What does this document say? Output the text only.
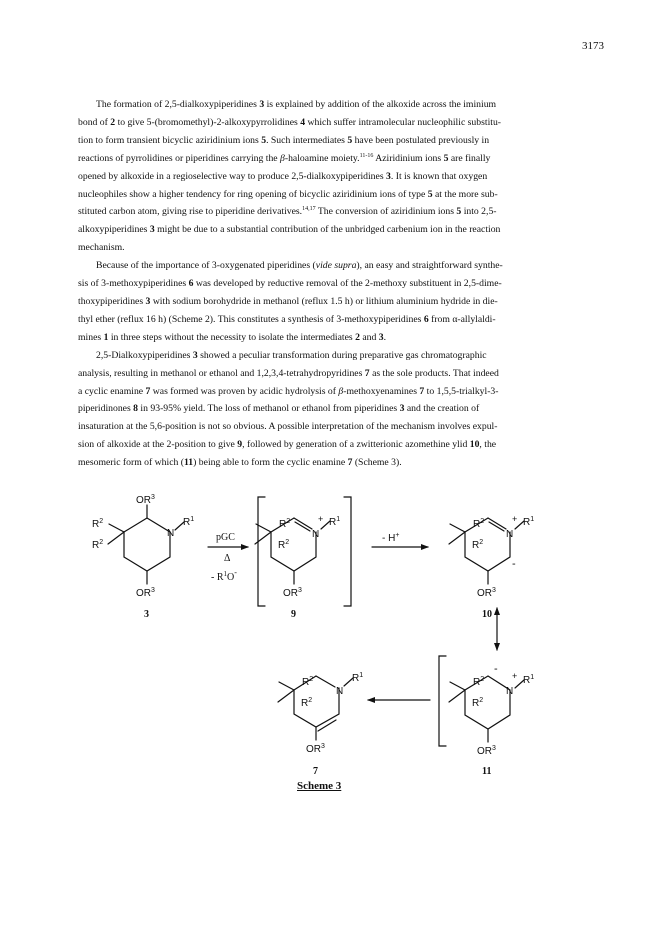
3173
The formation of 2,5-dialkoxypiperidines 3 is explained by addition of the alkoxide across the iminium
bond of 2 to give 5-(bromomethyl)-2-alkoxypyrrolidines 4 which suffer intramolecular nucleophilic substitu-
tion to form transient bicyclic aziridinium ions 5. Such intermediates 5 have been postulated previously in
reactions of pyrrolidines or piperidines carrying the β-haloamine moiety.$^{11-16}$ Aziridinium ions 5 are finally
opened by alkoxide in a regioselective way to produce 2,5-dialkoxypiperidines 3. It is known that oxygen
nucleophiles show a higher tendency for ring opening of bicyclic aziridinium ions of type 5 at the more sub-
stituted carbon atom, giving rise to piperidine derivatives.$^{14,17}$ The conversion of aziridinium ions 5 into 2,5-
alkoxypiperidines 3 might be due to a substantial contribution of the unbridged carbenium ion in the reaction
mechanism.
Because of the importance of 3-oxygenated piperidines (vide supra), an easy and straightforward synthe-
sis of 3-methoxypiperidines 6 was developed by reductive removal of the 2-methoxy substituent in 2,5-dime-
thoxypiperidines 3 with sodium borohydride in methanol (reflux 1.5 h) or lithium aluminium hydride in die-
thyl ether (reflux 16 h) (Scheme 2). This constitutes a synthesis of 3-methoxypiperidines 6 from α-allylaldi-
mines 1 in three steps without the necessity to isolate the intermediates 2 and 3.
2,5-Dialkoxypiperidines 3 showed a peculiar transformation during preparative gas chromatographic
analysis, resulting in methanol or ethanol and 1,2,3,4-tetrahydropyridines 7 as the sole products. That indeed
a cyclic enamine 7 was formed was proven by acidic hydrolysis of β-methoxyenamines 7 to 1,5,5-trialkyl-3-
piperidinones 8 in 93-95% yield. The loss of methanol or ethanol from piperidines 3 and the creation of
insaturation at the 5,6-position is not so obvious. A possible interpretation of the mechanism involves expul-
sion of alkoxide at the 2-position to give 9, followed by generation of a zwitterionic azomethine ylid 10, the
mesomeric form of which (11) being able to form the cyclic enamine 7 (Scheme 3).
$OR^3$
$OR^3$
$R^2$
$R^2$
N
$R^1$	$R^2$
$R^2$
N
+ $R^1$
$OR^3$
$R^2$
$R^2$
N
+ $R^1$
-
$OR^3$
$R^2$
$R^2$
N
-
+ $R^1$
$OR^3$
$R^2$
$R^2$
N
$R^1$
$OR^3$
pGC
Δ
- $R^1O^-$
- H+
3	9	10
11
7
Scheme 3
